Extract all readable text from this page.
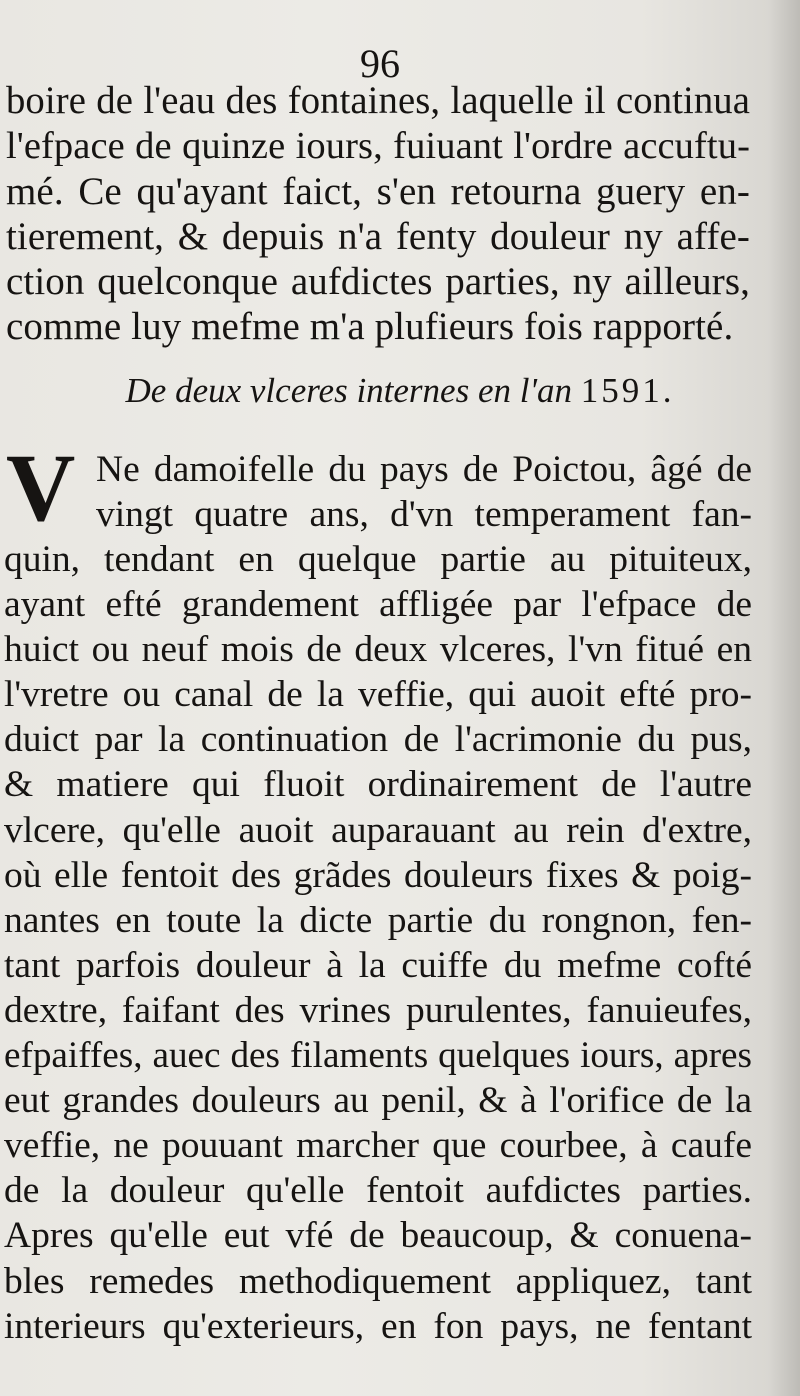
96
boire de l'eau des fontaines, laquelle il continua
l'efpace de quinze iours, fuiuant l'ordre accuftu-
mé. Ce qu'ayant faict, s'en retourna guery en-
tierement, & depuis n'a fenty douleur ny affe-
ction quelconque aufdictes parties, ny ailleurs,
comme luy mefme m'a plufieurs fois rapporté.
De deux vlceres internes en l'an 1591.
V Ne damoifelle du pays de Poictou, âgé de
vingt quatre ans, d'vn temperament fan-
quin, tendant en quelque partie au pituiteux,
ayant efté grandement affligée par l'efpace de
huict ou neuf mois de deux vlceres, l'vn fitué en
l'vretre ou canal de la veffie, qui auoit efté pro-
duict par la continuation de l'acrimonie du pus,
& matiere qui fluoit ordinairement de l'autre
vlcere, qu'elle auoit auparauant au rein d'extre,
où elle fentoit des grãdes douleurs fixes & poig-
nantes en toute la dicte partie du rongnon, fen-
tant parfois douleur à la cuiffe du mefme cofté
dextre, faifant des vrines purulentes, fanuieufes,
efpaiffes, auec des filaments quelques iours, apres
eut grandes douleurs au penil, & à l'orifice de la
veffie, ne pouuant marcher que courbee, à caufe
de la douleur qu'elle fentoit aufdictes parties.
Apres qu'elle eut vfé de beaucoup, & conuena-
bles remedes methodiquement appliquez, tant
interieurs qu'exterieurs, en fon pays, ne fentant
